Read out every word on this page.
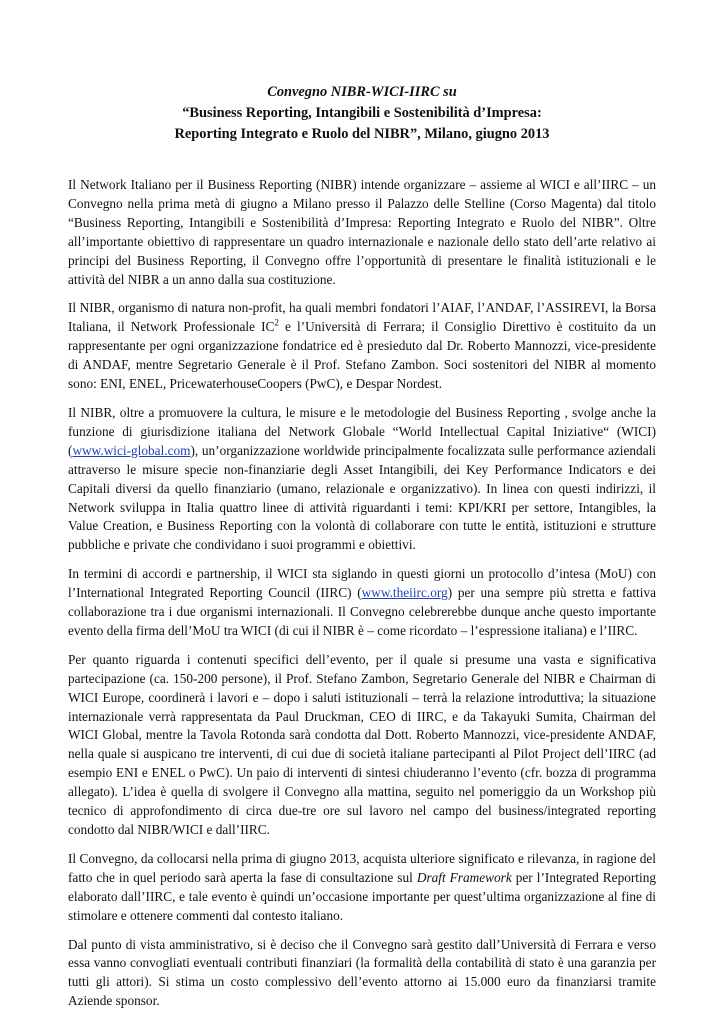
Convegno NIBR-WICI-IIRC su
“Business Reporting, Intangibili e Sostenibilità d’Impresa:
Reporting Integrato e Ruolo del NIBR”, Milano, giugno 2013

Il Network Italiano per il Business Reporting (NIBR) intende organizzare – assieme al WICI e all’IIRC – un Convegno nella prima metà di giugno a Milano presso il Palazzo delle Stelline (Corso Magenta) dal titolo “Business Reporting, Intangibili e Sostenibilità d’Impresa: Reporting Integrato e Ruolo del NIBR”. Oltre all’importante obiettivo di rappresentare un quadro internazionale e nazionale dello stato dell’arte relativo ai principi del Business Reporting, il Convegno offre l’opportunità di presentare le finalità istituzionali e le attività del NIBR a un anno dalla sua costituzione.

Il NIBR, organismo di natura non-profit, ha quali membri fondatori l’AIAF, l’ANDAF, l’ASSIREVI, la Borsa Italiana, il Network Professionale $IC^2$ e l’Università di Ferrara; il Consiglio Direttivo è costituito da un rappresentante per ogni organizzazione fondatrice ed è presieduto dal Dr. Roberto Mannozzi, vice-presidente di ANDAF, mentre Segretario Generale è il Prof. Stefano Zambon. Soci sostenitori del NIBR al momento sono: ENI, ENEL, PricewaterhouseCoopers (PwC), e Despar Nordest.

Il NIBR, oltre a promuovere la cultura, le misure e le metodologie del Business Reporting , svolge anche la funzione di giurisdizione italiana del Network Globale “World Intellectual Capital Iniziative“ (WICI) (www.wici-global.com), un’organizzazione worldwide principalmente focalizzata sulle performance aziendali attraverso le misure specie non-finanziarie degli Asset Intangibili, dei Key Performance Indicators e dei Capitali diversi da quello finanziario (umano, relazionale e organizzativo). In linea con questi indirizzi, il Network sviluppa in Italia quattro linee di attività riguardanti i temi: KPI/KRI per settore, Intangibles, la Value Creation, e Business Reporting con la volontà di collaborare con tutte le entità, istituzioni e strutture pubbliche e private che condividano i suoi programmi e obiettivi.

In termini di accordi e partnership, il WICI sta siglando in questi giorni un protocollo d’intesa (MoU) con l’International Integrated Reporting Council (IIRC) (www.theiirc.org) per una sempre più stretta e fattiva collaborazione tra i due organismi internazionali. Il Convegno celebrerebbe dunque anche questo importante evento della firma dell’MoU tra WICI (di cui il NIBR è – come ricordato – l’espressione italiana) e l’IIRC.

Per quanto riguarda i contenuti specifici dell’evento, per il quale si presume una vasta e significativa partecipazione (ca. 150-200 persone), il Prof. Stefano Zambon, Segretario Generale del NIBR e Chairman di WICI Europe, coordinerà i lavori e – dopo i saluti istituzionali – terrà la relazione introduttiva; la situazione internazionale verrà rappresentata da Paul Druckman, CEO di IIRC, e da Takayuki Sumita, Chairman del WICI Global, mentre la Tavola Rotonda sarà condotta dal Dott. Roberto Mannozzi, vice-presidente ANDAF, nella quale si auspicano tre interventi, di cui due di società italiane partecipanti al Pilot Project dell’IIRC (ad esempio ENI e ENEL o PwC). Un paio di interventi di sintesi chiuderanno l’evento (cfr. bozza di programma allegato). L’idea è quella di svolgere il Convegno alla mattina, seguito nel pomeriggio da un Workshop più tecnico di approfondimento di circa due-tre ore sul lavoro nel campo del business/integrated reporting condotto dal NIBR/WICI e dall’IIRC.

Il Convegno, da collocarsi nella prima di giugno 2013, acquista ulteriore significato e rilevanza, in ragione del fatto che in quel periodo sarà aperta la fase di consultazione sul Draft Framework per l’Integrated Reporting elaborato dall’IIRC, e tale evento è quindi un’occasione importante per quest’ultima organizzazione al fine di stimolare e ottenere commenti dal contesto italiano.

Dal punto di vista amministrativo, si è deciso che il Convegno sarà gestito dall’Università di Ferrara e verso essa vanno convogliati eventuali contributi finanziari (la formalità della contabilità di stato è una garanzia per tutti gli attori). Si stima un costo complessivo dell’evento attorno ai 15.000 euro da finanziarsi tramite Aziende sponsor.
